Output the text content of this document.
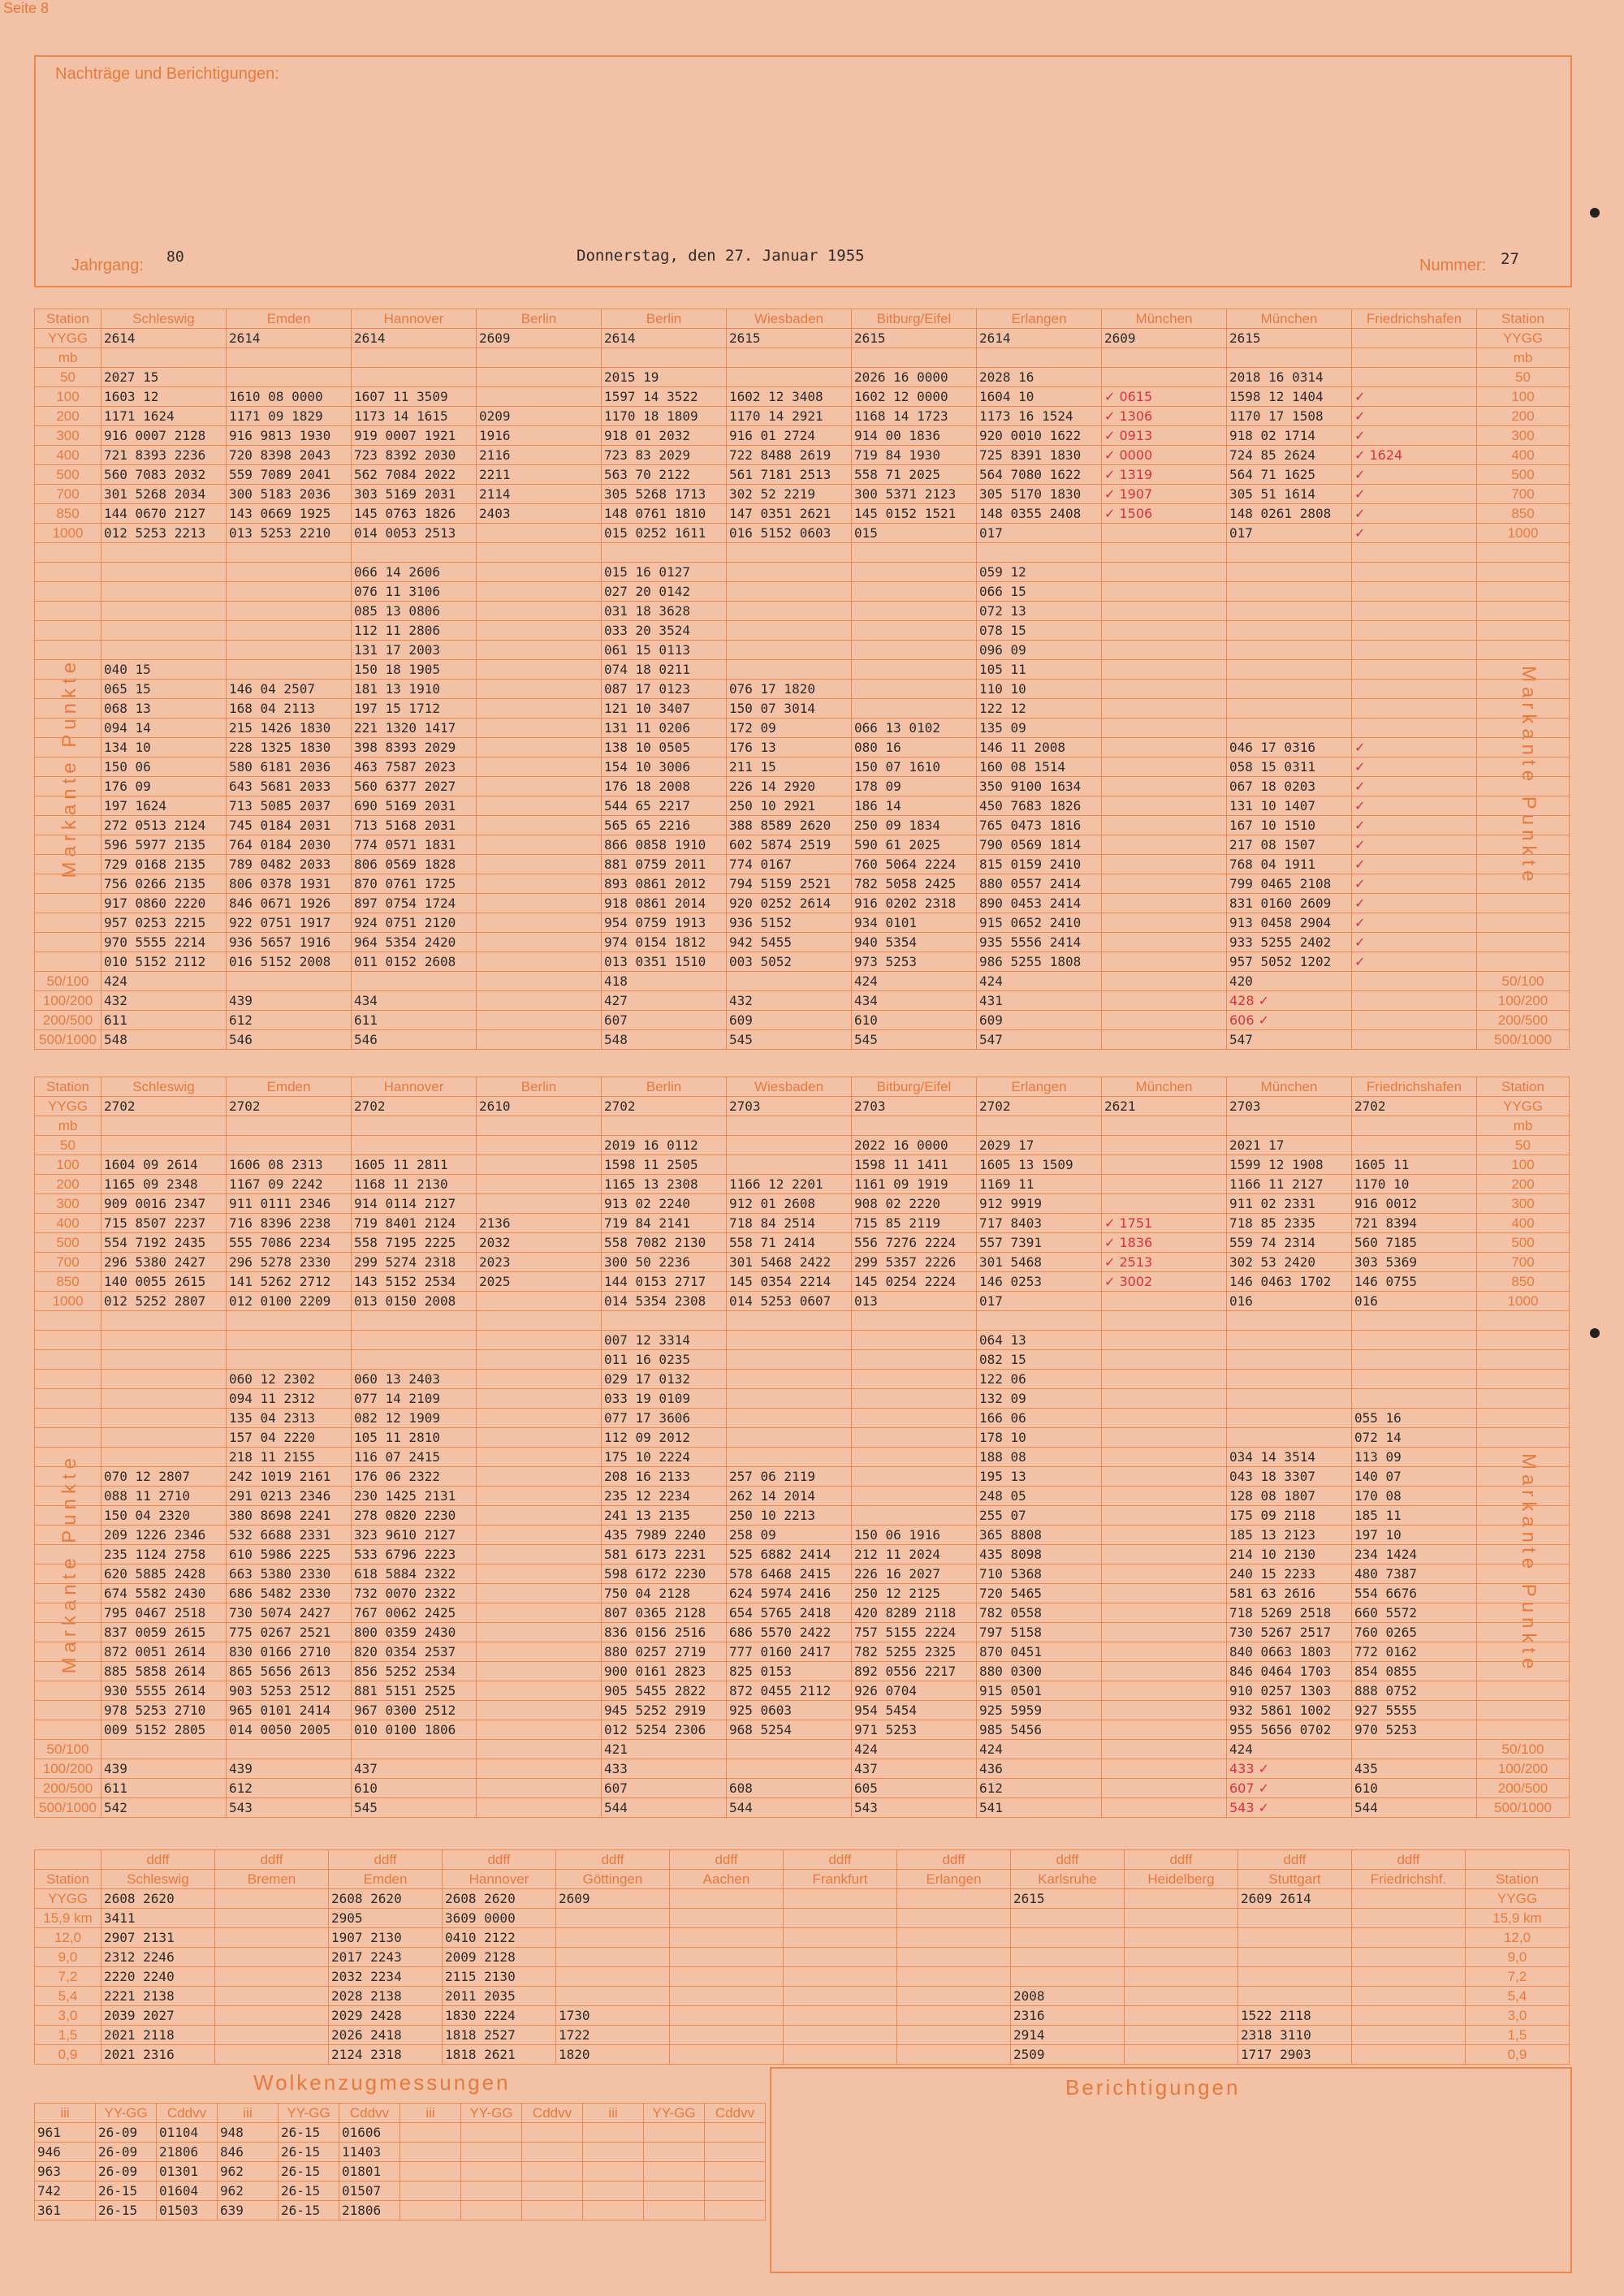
Seite 8
Nachträge und Berichtigungen:
Jahrgang: 80	Donnerstag, den 27. Januar 1955
Nummer: 27
Markante Punkte	Markante Punkte
Markante Punkte	Markante Punkte
Station	Schleswig	Emden	Hannover	Berlin	Berlin	Wiesbaden	Bitburg/Eifel	Erlangen	München	München	Friedrichshafen	Station
YYGG	2614	2614	2614	2609	2614	2615	2615	2614	2609	2615		YYGG
mb												mb
50	2027 15				2015 19		2026 16 0000	2028 16		2018 16 0314		50
100	1603 12	1610 08 0000	1607 11 3509		1597 14 3522	1602 12 3408	1602 12 0000	1604 10	✓ 0615	1598 12 1404	✓	100
200	1171 1624	1171 09 1829	1173 14 1615	0209	1170 18 1809	1170 14 2921	1168 14 1723	1173 16 1524	✓ 1306	1170 17 1508	✓	200
300	916 0007 2128	916 9813 1930	919 0007 1921	1916	918 01 2032	916 01 2724	914 00 1836	920 0010 1622	✓ 0913	918 02 1714	✓	300
400	721 8393 2236	720 8398 2043	723 8392 2030	2116	723 83 2029	722 8488 2619	719 84 1930	725 8391 1830	✓ 0000	724 85 2624	✓ 1624	400
500	560 7083 2032	559 7089 2041	562 7084 2022	2211	563 70 2122	561 7181 2513	558 71 2025	564 7080 1622	✓ 1319	564 71 1625	✓	500
700	301 5268 2034	300 5183 2036	303 5169 2031	2114	305 5268 1713	302 52 2219	300 5371 2123	305 5170 1830	✓ 1907	305 51 1614	✓	700
850	144 0670 2127	143 0669 1925	145 0763 1826	2403	148 0761 1810	147 0351 2621	145 0152 1521	148 0355 2408	✓ 1506	148 0261 2808	✓	850
1000	012 5253 2213	013 5253 2210	014 0053 2513		015 0252 1611	016 5152 0603	015	017		017	✓	1000

			066 14 2606		015 16 0127			059 12				
			076 11 3106		027 20 0142			066 15				
			085 13 0806		031 18 3628			072 13				
			112 11 2806		033 20 3524			078 15				
			131 17 2003		061 15 0113			096 09				
	040 15		150 18 1905		074 18 0211			105 11				
	065 15	146 04 2507	181 13 1910		087 17 0123	076 17 1820		110 10				
	068 13	168 04 2113	197 15 1712		121 10 3407	150 07 3014		122 12				
	094 14	215 1426 1830	221 1320 1417		131 11 0206	172 09	066 13 0102	135 09				
	134 10	228 1325 1830	398 8393 2029		138 10 0505	176 13	080 16	146 11 2008		046 17 0316	✓	
	150 06	580 6181 2036	463 7587 2023		154 10 3006	211 15	150 07 1610	160 08 1514		058 15 0311	✓	
	176 09	643 5681 2033	560 6377 2027		176 18 2008	226 14 2920	178 09	350 9100 1634		067 18 0203	✓	
	197 1624	713 5085 2037	690 5169 2031		544 65 2217	250 10 2921	186 14	450 7683 1826		131 10 1407	✓	
	272 0513 2124	745 0184 2031	713 5168 2031		565 65 2216	388 8589 2620	250 09 1834	765 0473 1816		167 10 1510	✓	
	596 5977 2135	764 0184 2030	774 0571 1831		866 0858 1910	602 5874 2519	590 61 2025	790 0569 1814		217 08 1507	✓	
	729 0168 2135	789 0482 2033	806 0569 1828		881 0759 2011	774 0167	760 5064 2224	815 0159 2410		768 04 1911	✓	
	756 0266 2135	806 0378 1931	870 0761 1725		893 0861 2012	794 5159 2521	782 5058 2425	880 0557 2414		799 0465 2108	✓	
	917 0860 2220	846 0671 1926	897 0754 1724		918 0861 2014	920 0252 2614	916 0202 2318	890 0453 2414		831 0160 2609	✓	
	957 0253 2215	922 0751 1917	924 0751 2120		954 0759 1913	936 5152	934 0101	915 0652 2410		913 0458 2904	✓	
	970 5555 2214	936 5657 1916	964 5354 2420		974 0154 1812	942 5455	940 5354	935 5556 2414		933 5255 2402	✓	
	010 5152 2112	016 5152 2008	011 0152 2608		013 0351 1510	003 5052	973 5253	986 5255 1808		957 5052 1202	✓	
50/100	424				418		424	424		420		50/100
100/200	432	439	434		427	432	434	431		428 ✓		100/200
200/500	611	612	611		607	609	610	609		606 ✓		200/500
500/1000	548	546	546		548	545	545	547		547		500/1000
Station	Schleswig	Emden	Hannover	Berlin	Berlin	Wiesbaden	Bitburg/Eifel	Erlangen	München	München	Friedrichshafen	Station
YYGG	2702	2702	2702	2610	2702	2703	2703	2702	2621	2703	2702	YYGG
mb												mb
50					2019 16 0112		2022 16 0000	2029 17		2021 17		50
100	1604 09 2614	1606 08 2313	1605 11 2811		1598 11 2505		1598 11 1411	1605 13 1509		1599 12 1908	1605 11	100
200	1165 09 2348	1167 09 2242	1168 11 2130		1165 13 2308	1166 12 2201	1161 09 1919	1169 11		1166 11 2127	1170 10	200
300	909 0016 2347	911 0111 2346	914 0114 2127		913 02 2240	912 01 2608	908 02 2220	912 9919		911 02 2331	916 0012	300
400	715 8507 2237	716 8396 2238	719 8401 2124	2136	719 84 2141	718 84 2514	715 85 2119	717 8403	✓ 1751	718 85 2335	721 8394	400
500	554 7192 2435	555 7086 2234	558 7195 2225	2032	558 7082 2130	558 71 2414	556 7276 2224	557 7391	✓ 1836	559 74 2314	560 7185	500
700	296 5380 2427	296 5278 2330	299 5274 2318	2023	300 50 2236	301 5468 2422	299 5357 2226	301 5468	✓ 2513	302 53 2420	303 5369	700
850	140 0055 2615	141 5262 2712	143 5152 2534	2025	144 0153 2717	145 0354 2214	145 0254 2224	146 0253	✓ 3002	146 0463 1702	146 0755	850
1000	012 5252 2807	012 0100 2209	013 0150 2008		014 5354 2308	014 5253 0607	013	017		016	016	1000

					007 12 3314			064 13				
					011 16 0235			082 15				
		060 12 2302	060 13 2403		029 17 0132			122 06				
		094 11 2312	077 14 2109		033 19 0109			132 09				
		135 04 2313	082 12 1909		077 17 3606			166 06			055 16	
		157 04 2220	105 11 2810		112 09 2012			178 10			072 14	
		218 11 2155	116 07 2415		175 10 2224			188 08		034 14 3514	113 09	
	070 12 2807	242 1019 2161	176 06 2322		208 16 2133	257 06 2119		195 13		043 18 3307	140 07	
	088 11 2710	291 0213 2346	230 1425 2131		235 12 2234	262 14 2014		248 05		128 08 1807	170 08	
	150 04 2320	380 8698 2241	278 0820 2230		241 13 2135	250 10 2213		255 07		175 09 2118	185 11	
	209 1226 2346	532 6688 2331	323 9610 2127		435 7989 2240	258 09	150 06 1916	365 8808		185 13 2123	197 10	
	235 1124 2758	610 5986 2225	533 6796 2223		581 6173 2231	525 6882 2414	212 11 2024	435 8098		214 10 2130	234 1424	
	620 5885 2428	663 5380 2330	618 5884 2322		598 6172 2230	578 6468 2415	226 16 2027	710 5368		240 15 2233	480 7387	
	674 5582 2430	686 5482 2330	732 0070 2322		750 04 2128	624 5974 2416	250 12 2125	720 5465		581 63 2616	554 6676	
	795 0467 2518	730 5074 2427	767 0062 2425		807 0365 2128	654 5765 2418	420 8289 2118	782 0558		718 5269 2518	660 5572	
	837 0059 2615	775 0267 2521	800 0359 2430		836 0156 2516	686 5570 2422	757 5155 2224	797 5158		730 5267 2517	760 0265	
	872 0051 2614	830 0166 2710	820 0354 2537		880 0257 2719	777 0160 2417	782 5255 2325	870 0451		840 0663 1803	772 0162	
	885 5858 2614	865 5656 2613	856 5252 2534		900 0161 2823	825 0153	892 0556 2217	880 0300		846 0464 1703	854 0855	
	930 5555 2614	903 5253 2512	881 5151 2525		905 5455 2822	872 0455 2112	926 0704	915 0501		910 0257 1303	888 0752	
	978 5253 2710	965 0101 2414	967 0300 2512		945 5252 2919	925 0603	954 5454	925 5959		932 5861 1002	927 5555	
	009 5152 2805	014 0050 2005	010 0100 1806		012 5254 2306	968 5254	971 5253	985 5456		955 5656 0702	970 5253	
50/100					421		424	424		424		50/100
100/200	439	439	437		433		437	436		433 ✓	435	100/200
200/500	611	612	610		607	608	605	612		607 ✓	610	200/500
500/1000	542	543	545		544	544	543	541		543 ✓	544	500/1000
	ddff	ddff	ddff	ddff	ddff	ddff	ddff	ddff	ddff	ddff	ddff	ddff	
Station	Schleswig	Bremen	Emden	Hannover	Göttingen	Aachen	Frankfurt	Erlangen	Karlsruhe	Heidelberg	Stuttgart	Friedrichshf.	Station
YYGG	2608 2620		2608 2620	2608 2620	2609				2615		2609 2614		YYGG
15,9 km	3411		2905	3609 0000									15,9 km
12,0	2907 2131		1907 2130	0410 2122									12,0
9,0	2312 2246		2017 2243	2009 2128									9,0
7,2	2220 2240		2032 2234	2115 2130									7,2
5,4	2221 2138		2028 2138	2011 2035					2008				5,4
3,0	2039 2027		2029 2428	1830 2224	1730				2316		1522 2118		3,0
1,5	2021 2118		2026 2418	1818 2527	1722				2914		2318 3110		1,5
0,9	2021 2316		2124 2318	1818 2621	1820				2509		1717 2903		0,9
iii	YY-GG	Cddvv	iii	YY-GG	Cddvv	iii	YY-GG	Cddvv	iii	YY-GG	Cddvv
961	26-09	01104	948	26-15	01606						
946	26-09	21806	846	26-15	11403						
963	26-09	01301	962	26-15	01801						
742	26-15	01604	962	26-15	01507						
361	26-15	01503	639	26-15	21806						
Wolkenzugmessungen	Berichtigungen
